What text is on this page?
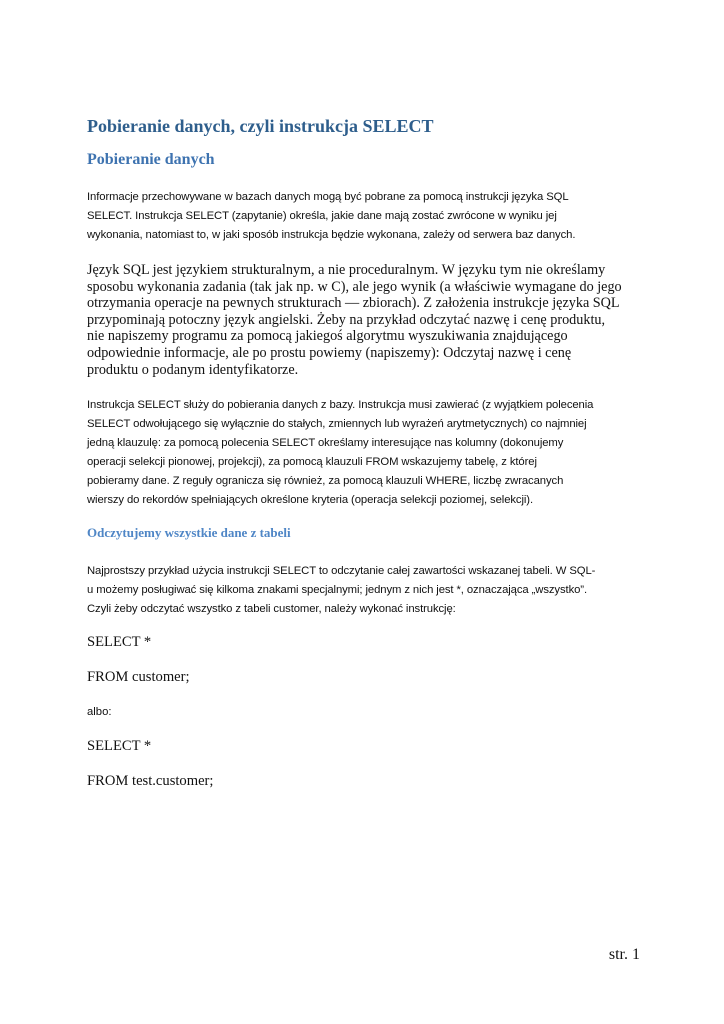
Pobieranie danych, czyli instrukcja SELECT
Pobieranie danych
Informacje przechowywane w bazach danych mogą być pobrane za pomocą instrukcji języka SQL
SELECT. Instrukcja SELECT (zapytanie) określa, jakie dane mają zostać zwrócone w wyniku jej
wykonania, natomiast to, w jaki sposób instrukcja będzie wykonana, zależy od serwera baz danych.
Język SQL jest językiem strukturalnym, a nie proceduralnym. W języku tym nie określamy
sposobu wykonania zadania (tak jak np. w C), ale jego wynik (a właściwie wymagane do jego
otrzymania operacje na pewnych strukturach — zbiorach). Z założenia instrukcje języka SQL
przypominają potoczny język angielski. Żeby na przykład odczytać nazwę i cenę produktu,
nie napiszemy programu za pomocą jakiegoś algorytmu wyszukiwania znajdującego
odpowiednie informacje, ale po prostu powiemy (napiszemy): Odczytaj nazwę i cenę
produktu o podanym identyfikatorze.
Instrukcja SELECT służy do pobierania danych z bazy. Instrukcja musi zawierać (z wyjątkiem polecenia
SELECT odwołującego się wyłącznie do stałych, zmiennych lub wyrażeń arytmetycznych) co najmniej
jedną klauzulę: za pomocą polecenia SELECT określamy interesujące nas kolumny (dokonujemy
operacji selekcji pionowej, projekcji), za pomocą klauzuli FROM wskazujemy tabelę, z której
pobieramy dane. Z reguły ogranicza się również, za pomocą klauzuli WHERE, liczbę zwracanych
wierszy do rekordów spełniających określone kryteria (operacja selekcji poziomej, selekcji).
Odczytujemy wszystkie dane z tabeli
Najprostszy przykład użycia instrukcji SELECT to odczytanie całej zawartości wskazanej tabeli. W SQL-
u możemy posługiwać się kilkoma znakami specjalnymi; jednym z nich jest *, oznaczająca „wszystko”.
Czyli żeby odczytać wszystko z tabeli customer, należy wykonać instrukcję:
SELECT *
FROM customer;
albo:
SELECT *
FROM test.customer;
str. 1
